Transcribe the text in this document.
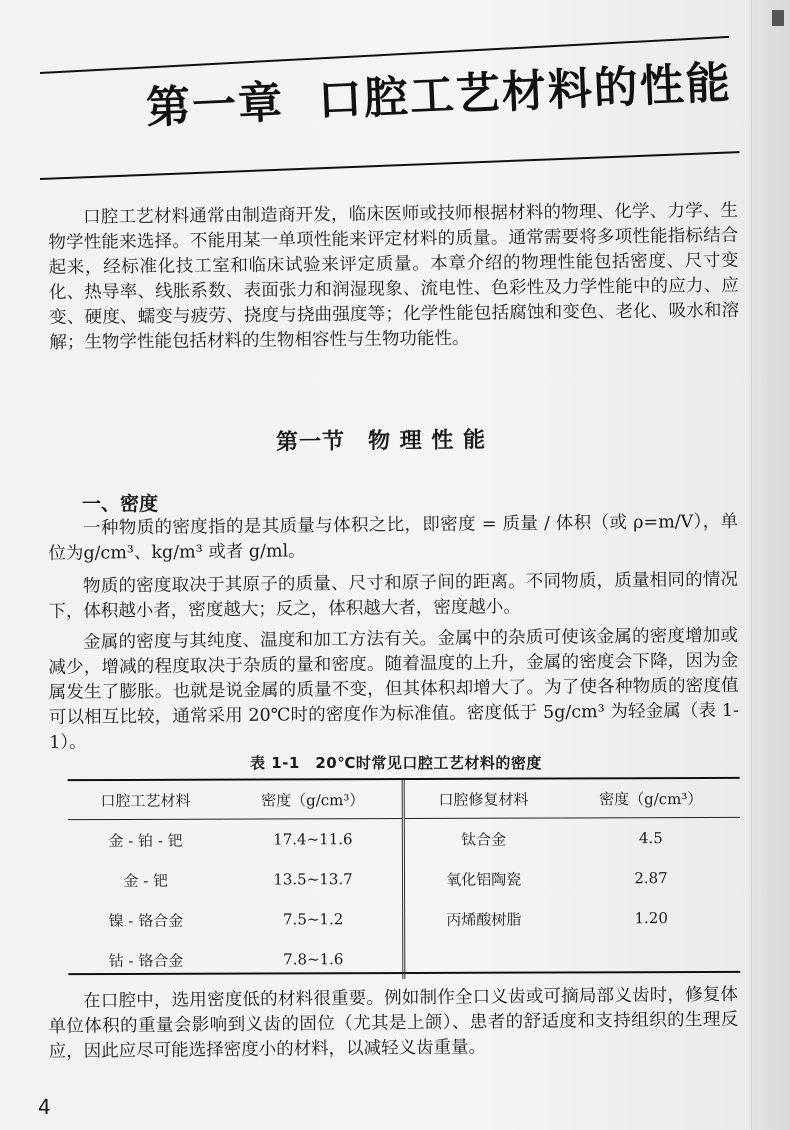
第一章 口腔工艺材料的性能
口腔工艺材料通常由制造商开发，临床医师或技师根据材料的物理、化学、力学、生物学性能来选择。不能用某一单项性能来评定材料的质量。通常需要将多项性能指标结合起来，经标准化技工室和临床试验来评定质量。本章介绍的物理性能包括密度、尺寸变化、热导率、线胀系数、表面张力和润湿现象、流电性、色彩性及力学性能中的应力、应变、硬度、蠕变与疲劳、挠度与挠曲强度等；化学性能包括腐蚀和变色、老化、吸水和溶解；生物学性能包括材料的生物相容性与生物功能性。
第一节　物 理 性 能
一、密度
一种物质的密度指的是其质量与体积之比，即密度 = 质量 / 体积（或 ρ=m/V），单位为g/cm³、kg/m³ 或者 g/ml。
物质的密度取决于其原子的质量、尺寸和原子间的距离。不同物质，质量相同的情况下，体积越小者，密度越大；反之，体积越大者，密度越小。
金属的密度与其纯度、温度和加工方法有关。金属中的杂质可使该金属的密度增加或减少，增减的程度取决于杂质的量和密度。随着温度的上升，金属的密度会下降，因为金属发生了膨胀。也就是说金属的质量不变，但其体积却增大了。为了使各种物质的密度值可以相互比较，通常采用 20℃时的密度作为标准值。密度低于 5g/cm³ 为轻金属（表 1-1）。
表 1-1　20℃时常见口腔工艺材料的密度
口腔工艺材料	密度（g/cm³）	口腔修复材料	密度（g/cm³）
金 - 铂 - 钯	17.4~11.6	钛合金	4.5
金 - 钯	13.5~13.7	氧化铝陶瓷	2.87
镍 - 铬合金	7.5~1.2	丙烯酸树脂	1.20
钴 - 铬合金	7.8~1.6		
在口腔中，选用密度低的材料很重要。例如制作全口义齿或可摘局部义齿时，修复体单位体积的重量会影响到义齿的固位（尤其是上颌）、患者的舒适度和支持组织的生理反应，因此应尽可能选择密度小的材料，以减轻义齿重量。
4
